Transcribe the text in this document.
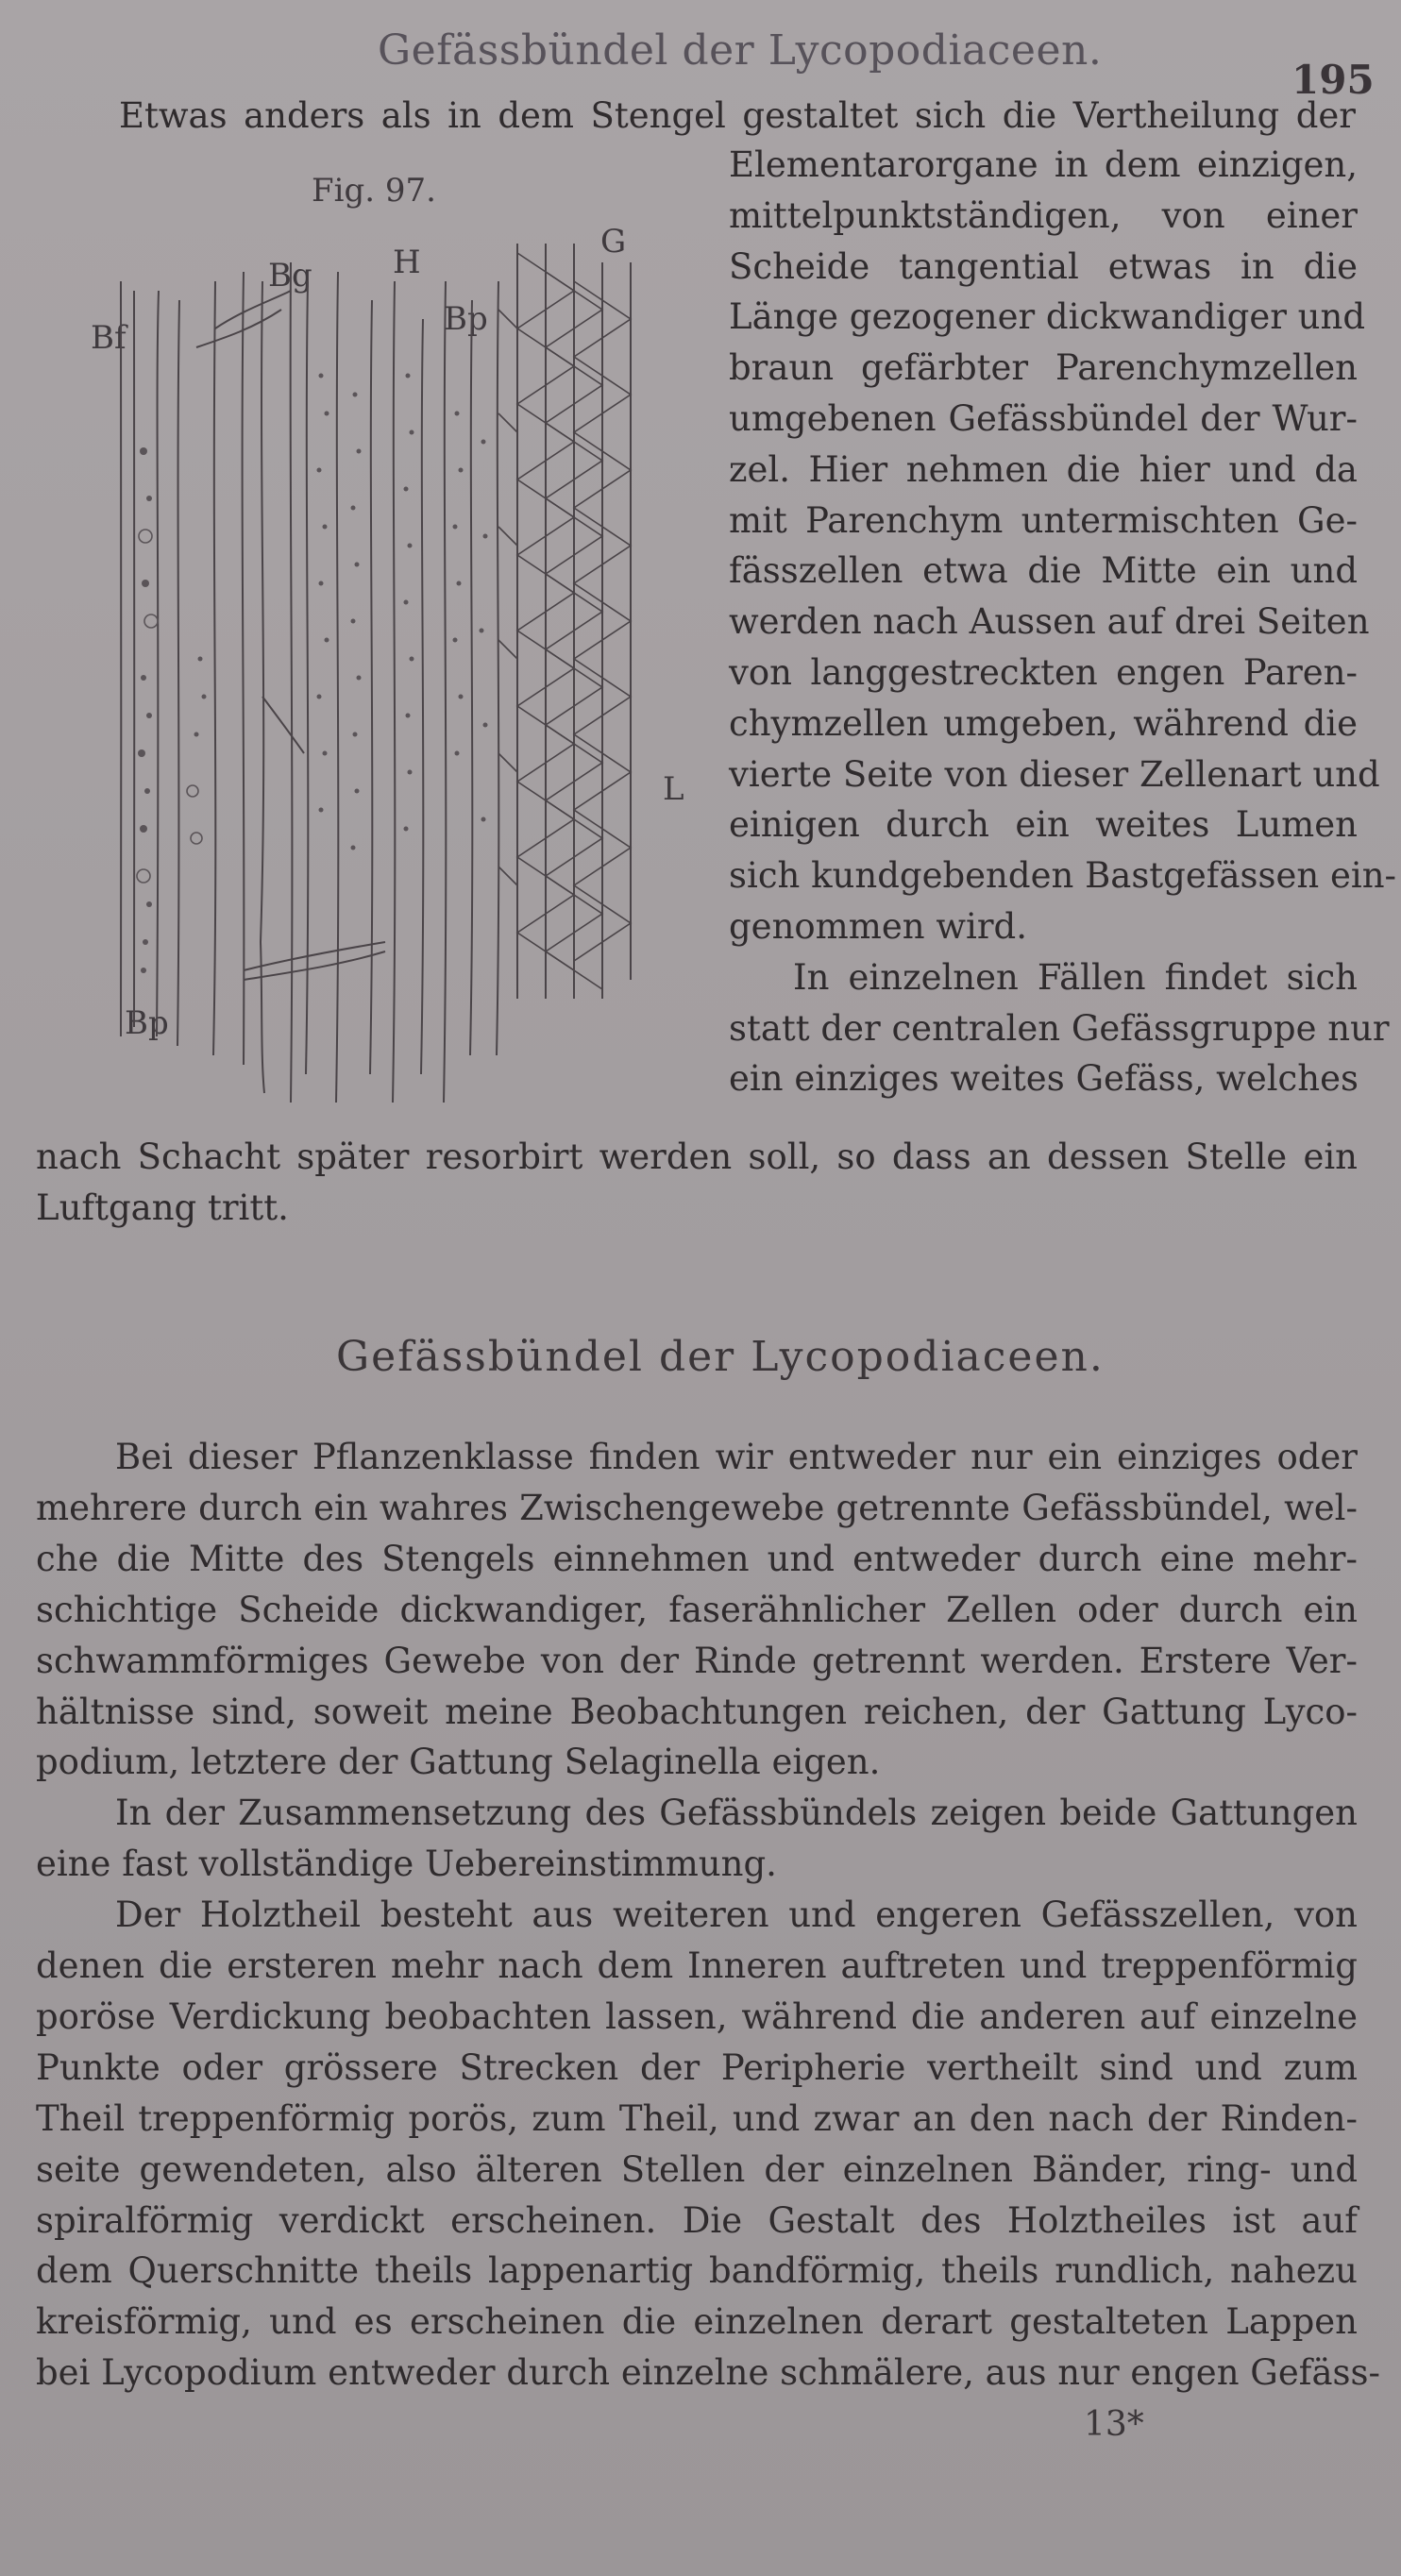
Gefässbündel der Lycopodiaceen.
195
Etwas anders als in dem Stengel gestaltet sich die Vertheilung der
Fig. 97.
Bf
Bg	H
Bp
G
L
Bp
Elementarorgane in dem einzigen,
mittelpunktständigen, von einer
Scheide tangential etwas in die
Länge gezogener dickwandiger und
braun gefärbter Parenchymzellen
umgebenen Gefässbündel der Wur-
zel. Hier nehmen die hier und da
mit Parenchym untermischten Ge-
fässzellen etwa die Mitte ein und
werden nach Aussen auf drei Seiten
von langgestreckten engen Paren-
chymzellen umgeben, während die
vierte Seite von dieser Zellenart und
einigen durch ein weites Lumen
sich kundgebenden Bastgefässen ein-
genommen wird.
In einzelnen Fällen findet sich
statt der centralen Gefässgruppe nur
ein einziges weites Gefäss, welches
nach Schacht später resorbirt werden soll, so dass an dessen Stelle ein
Luftgang tritt.
Gefässbündel der Lycopodiaceen.
Bei dieser Pflanzenklasse finden wir entweder nur ein einziges oder
mehrere durch ein wahres Zwischengewebe getrennte Gefässbündel, wel-
che die Mitte des Stengels einnehmen und entweder durch eine mehr-
schichtige Scheide dickwandiger, faserähnlicher Zellen oder durch ein
schwammförmiges Gewebe von der Rinde getrennt werden. Erstere Ver-
hältnisse sind, soweit meine Beobachtungen reichen, der Gattung Lyco-
podium, letztere der Gattung Selaginella eigen.
In der Zusammensetzung des Gefässbündels zeigen beide Gattungen
eine fast vollständige Uebereinstimmung.
Der Holztheil besteht aus weiteren und engeren Gefässzellen, von
denen die ersteren mehr nach dem Inneren auftreten und treppenförmig
poröse Verdickung beobachten lassen, während die anderen auf einzelne
Punkte oder grössere Strecken der Peripherie vertheilt sind und zum
Theil treppenförmig porös, zum Theil, und zwar an den nach der Rinden-
seite gewendeten, also älteren Stellen der einzelnen Bänder, ring- und
spiralförmig verdickt erscheinen. Die Gestalt des Holztheiles ist auf
dem Querschnitte theils lappenartig bandförmig, theils rundlich, nahezu
kreisförmig, und es erscheinen die einzelnen derart gestalteten Lappen
bei Lycopodium entweder durch einzelne schmälere, aus nur engen Gefäss-
13*
